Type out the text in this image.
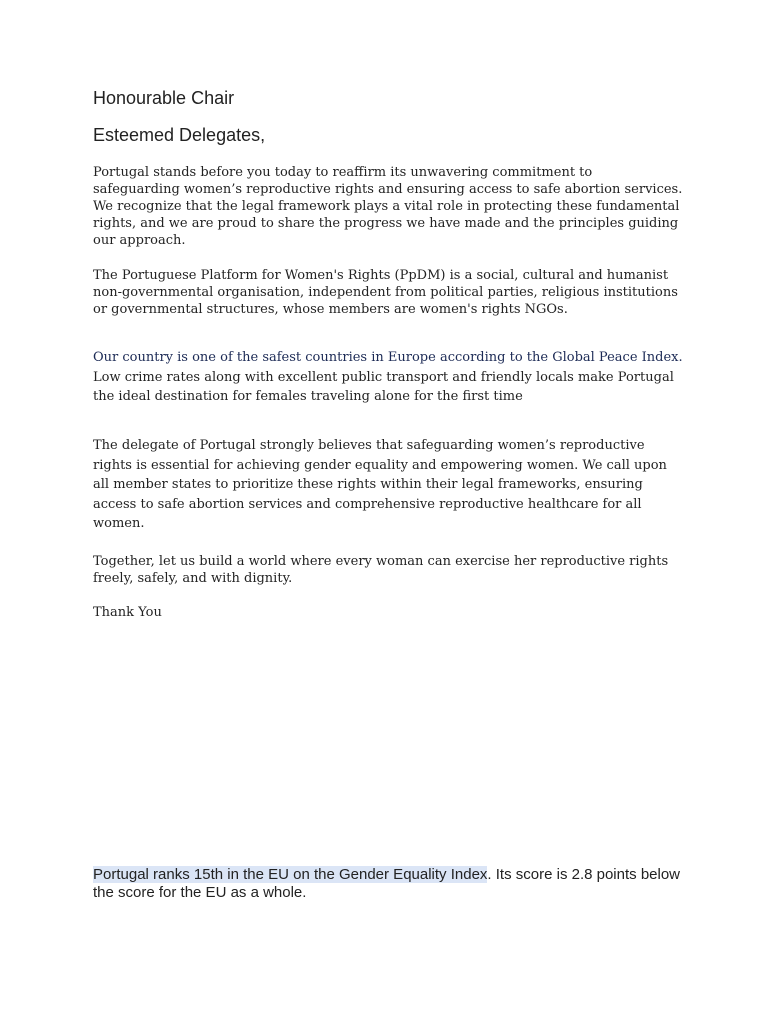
Honourable Chair

Esteemed Delegates,

Portugal stands before you today to reaffirm its unwavering commitment to safeguarding women’s reproductive rights and ensuring access to safe abortion services. We recognize that the legal framework plays a vital role in protecting these fundamental rights, and we are proud to share the progress we have made and the principles guiding our approach.

The Portuguese Platform for Women's Rights (PpDM) is a social, cultural and humanist non-governmental organisation, independent from political parties, religious institutions or governmental structures, whose members are women's rights NGOs.

Our country is one of the safest countries in Europe according to the Global Peace Index. Low crime rates along with excellent public transport and friendly locals make Portugal the ideal destination for females traveling alone for the first time

The delegate of Portugal strongly believes that safeguarding women’s reproductive rights is essential for achieving gender equality and empowering women. We call upon all member states to prioritize these rights within their legal frameworks, ensuring access to safe abortion services and comprehensive reproductive healthcare for all women.

Together, let us build a world where every woman can exercise her reproductive rights freely, safely, and with dignity.

Thank You

Portugal ranks 15th in the EU on the Gender Equality Index. Its score is 2.8 points below the score for the EU as a whole.
